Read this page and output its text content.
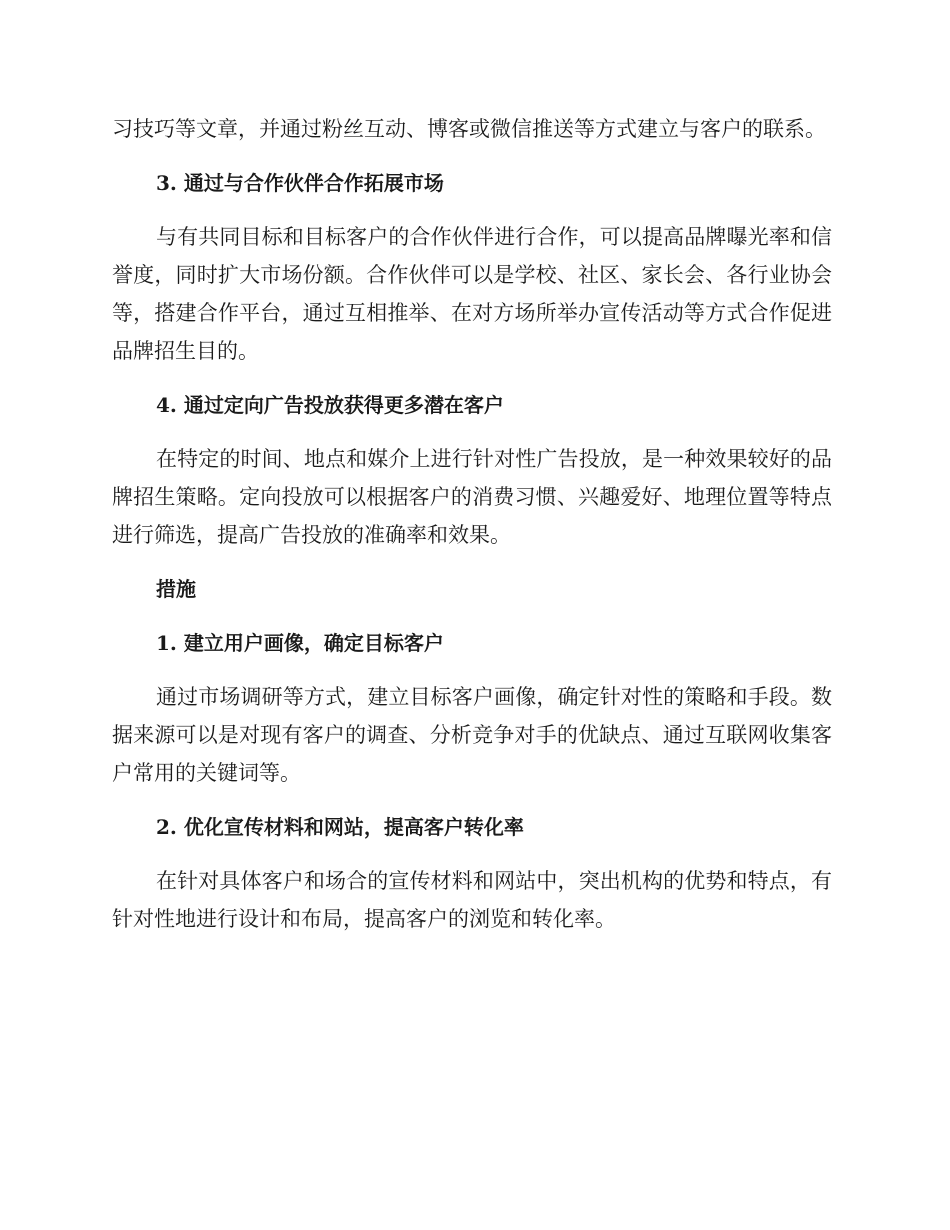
习技巧等文章，并通过粉丝互动、博客或微信推送等方式建立与客户的联系。

3. 通过与合作伙伴合作拓展市场

与有共同目标和目标客户的合作伙伴进行合作，可以提高品牌曝光率和信誉度，同时扩大市场份额。合作伙伴可以是学校、社区、家长会、各行业协会等，搭建合作平台，通过互相推举、在对方场所举办宣传活动等方式合作促进品牌招生目的。

4. 通过定向广告投放获得更多潜在客户

在特定的时间、地点和媒介上进行针对性广告投放，是一种效果较好的品牌招生策略。定向投放可以根据客户的消费习惯、兴趣爱好、地理位置等特点进行筛选，提高广告投放的准确率和效果。

措施
1. 建立用户画像，确定目标客户

通过市场调研等方式，建立目标客户画像，确定针对性的策略和手段。数据来源可以是对现有客户的调查、分析竞争对手的优缺点、通过互联网收集客户常用的关键词等。

2. 优化宣传材料和网站，提高客户转化率

在针对具体客户和场合的宣传材料和网站中，突出机构的优势和特点，有针对性地进行设计和布局，提高客户的浏览和转化率。
